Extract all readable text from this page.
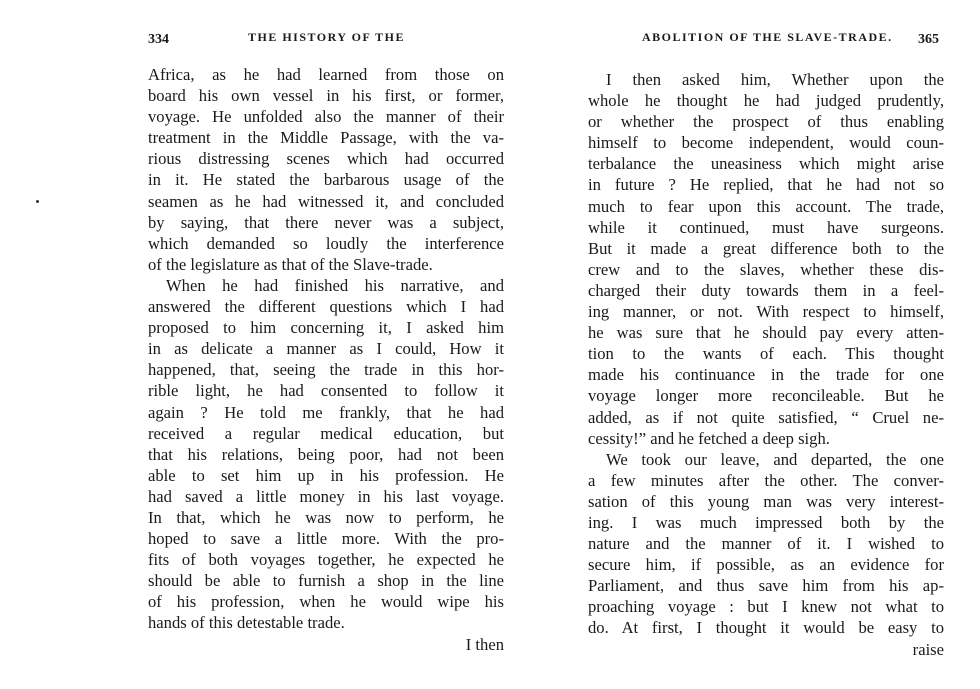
334	THE HISTORY OF THE
Africa, as he had learned from those on
board his own vessel in his first, or former,
voyage. He unfolded also the manner of their
treatment in the Middle Passage, with the va-
rious distressing scenes which had occurred
in it. He stated the barbarous usage of the
seamen as he had witnessed it, and concluded
by saying, that there never was a subject,
which demanded so loudly the interference
of the legislature as that of the Slave-trade.
When he had finished his narrative, and
answered the different questions which I had
proposed to him concerning it, I asked him
in as delicate a manner as I could, How it
happened, that, seeing the trade in this hor-
rible light, he had consented to follow it
again ? He told me frankly, that he had
received a regular medical education, but
that his relations, being poor, had not been
able to set him up in his profession. He
had saved a little money in his last voyage.
In that, which he was now to perform, he
hoped to save a little more. With the pro-
fits of both voyages together, he expected he
should be able to furnish a shop in the line
of his profession, when he would wipe his
hands of this detestable trade.
I then
ABOLITION OF THE SLAVE-TRADE. 365
I then asked him, Whether upon the
whole he thought he had judged prudently,
or whether the prospect of thus enabling
himself to become independent, would coun-
terbalance the uneasiness which might arise
in future ? He replied, that he had not so
much to fear upon this account. The trade,
while it continued, must have surgeons.
But it made a great difference both to the
crew and to the slaves, whether these dis-
charged their duty towards them in a feel-
ing manner, or not. With respect to himself,
he was sure that he should pay every atten-
tion to the wants of each. This thought
made his continuance in the trade for one
voyage longer more reconcileable. But he
added, as if not quite satisfied, “ Cruel ne-
cessity!” and he fetched a deep sigh.
We took our leave, and departed, the one
a few minutes after the other. The conver-
sation of this young man was very interest-
ing. I was much impressed both by the
nature and the manner of it. I wished to
secure him, if possible, as an evidence for
Parliament, and thus save him from his ap-
proaching voyage : but I knew not what to
do. At first, I thought it would be easy to
raise
